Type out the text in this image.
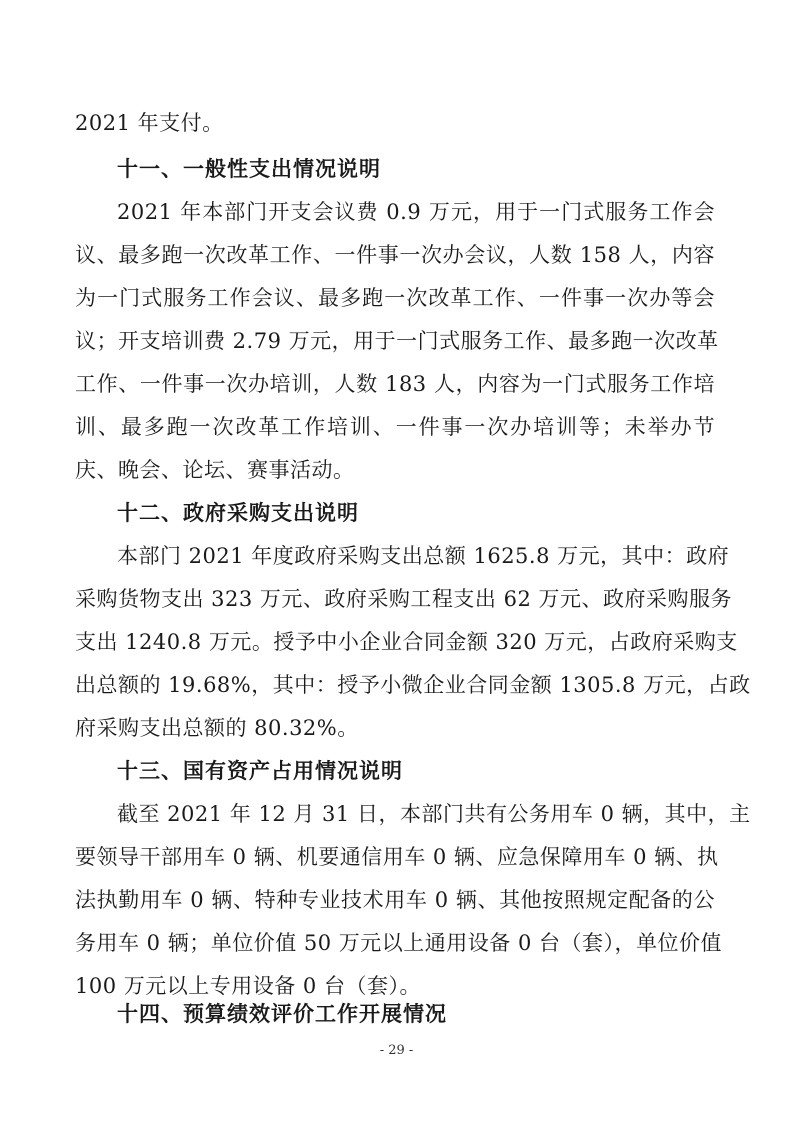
2021 年支付。
十一、一般性支出情况说明
2021 年本部门开支会议费 0.9 万元，用于一门式服务工作会
议、最多跑一次改革工作、一件事一次办会议，人数 158 人，内容
为一门式服务工作会议、最多跑一次改革工作、一件事一次办等会
议；开支培训费 2.79 万元，用于一门式服务工作、最多跑一次改革
工作、一件事一次办培训，人数 183 人，内容为一门式服务工作培
训、最多跑一次改革工作培训、一件事一次办培训等；未举办节
庆、晚会、论坛、赛事活动。
十二、政府采购支出说明
本部门 2021 年度政府采购支出总额 1625.8 万元，其中：政府
采购货物支出 323 万元、政府采购工程支出 62 万元、政府采购服务
支出 1240.8 万元。授予中小企业合同金额 320 万元，占政府采购支
出总额的 19.68%，其中：授予小微企业合同金额 1305.8 万元，占政
府采购支出总额的 80.32%。
十三、国有资产占用情况说明
截至 2021 年 12 月 31 日，本部门共有公务用车 0 辆，其中，主
要领导干部用车 0 辆、机要通信用车 0 辆、应急保障用车 0 辆、执
法执勤用车 0 辆、特种专业技术用车 0 辆、其他按照规定配备的公
务用车 0 辆；单位价值 50 万元以上通用设备 0 台（套），单位价值
100 万元以上专用设备 0 台（套）。
十四、预算绩效评价工作开展情况
- 29 -
